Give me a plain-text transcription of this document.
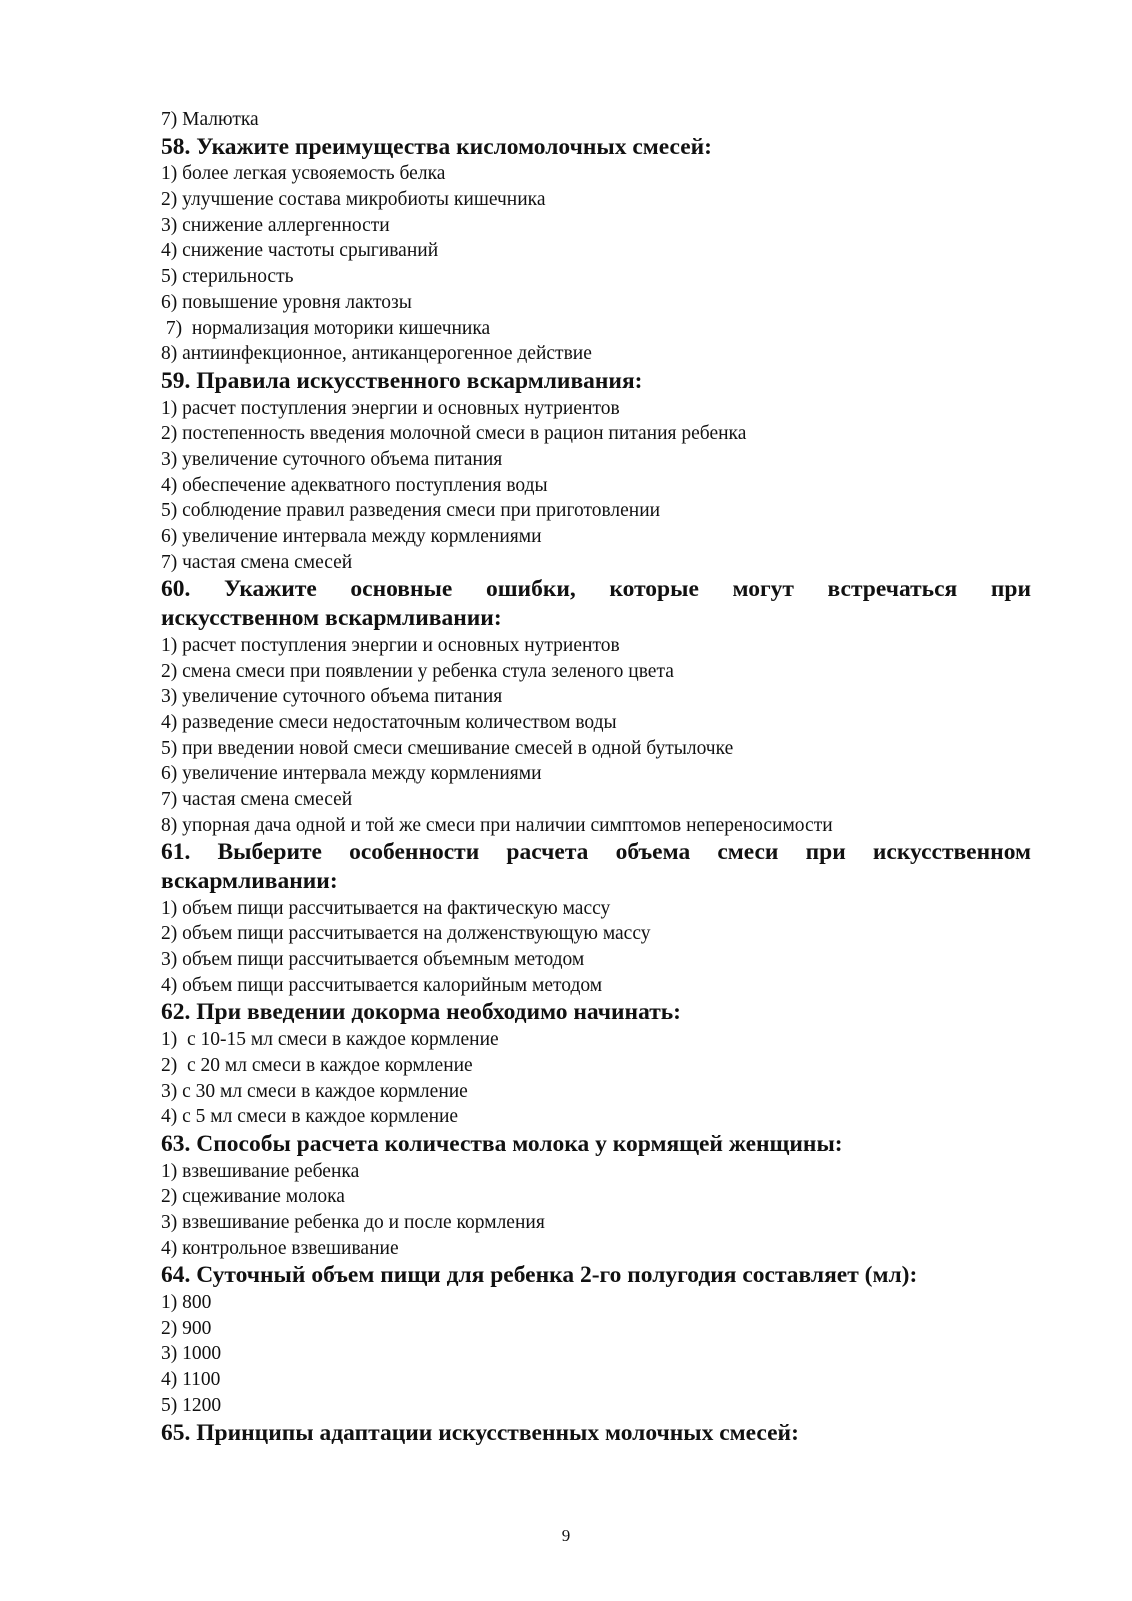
7) Малютка

58. Укажите преимущества кисломолочных смесей:

1) более легкая усвояемость белка

2) улучшение состава микробиоты кишечника

3) снижение аллергенности

4) снижение частоты срыгиваний

5) стерильность

6) повышение уровня лактозы

7)  нормализация моторики кишечника

8) антиинфекционное, антиканцерогенное действие

59. Правила искусственного вскармливания:

1) расчет поступления энергии и основных нутриентов

2) постепенность введения молочной смеси в рацион питания ребенка

3) увеличение суточного объема питания

4) обеспечение адекватного поступления воды

5) соблюдение правил разведения смеси при приготовлении

6) увеличение интервала между кормлениями

7) частая смена смесей

60. Укажите основные ошибки, которые могут встречаться при
искусственном вскармливании:

1) расчет поступления энергии и основных нутриентов

2) смена смеси при появлении у ребенка стула зеленого цвета

3) увеличение суточного объема питания

4) разведение смеси недостаточным количеством воды

5) при введении новой смеси смешивание смесей в одной бутылочке

6) увеличение интервала между кормлениями

7) частая смена смесей

8) упорная дача одной и той же смеси при наличии симптомов непереносимости

61. Выберите особенности расчета объема смеси при искусственном
вскармливании:

1) объем пищи рассчитывается на фактическую массу

2) объем пищи рассчитывается на долженствующую массу

3) объем пищи рассчитывается объемным методом

4) объем пищи рассчитывается калорийным методом

62. При введении докорма необходимо начинать:

1)  с 10-15 мл смеси в каждое кормление

2)  с 20 мл смеси в каждое кормление

3) с 30 мл смеси в каждое кормление

4) с 5 мл смеси в каждое кормление

63. Способы расчета количества молока у кормящей женщины:

1) взвешивание ребенка

2) сцеживание молока

3) взвешивание ребенка до и после кормления

4) контрольное взвешивание

64. Суточный объем пищи для ребенка 2-го полугодия составляет (мл):

1) 800

2) 900

3) 1000

4) 1100

5) 1200

65. Принципы адаптации искусственных молочных смесей:

9
